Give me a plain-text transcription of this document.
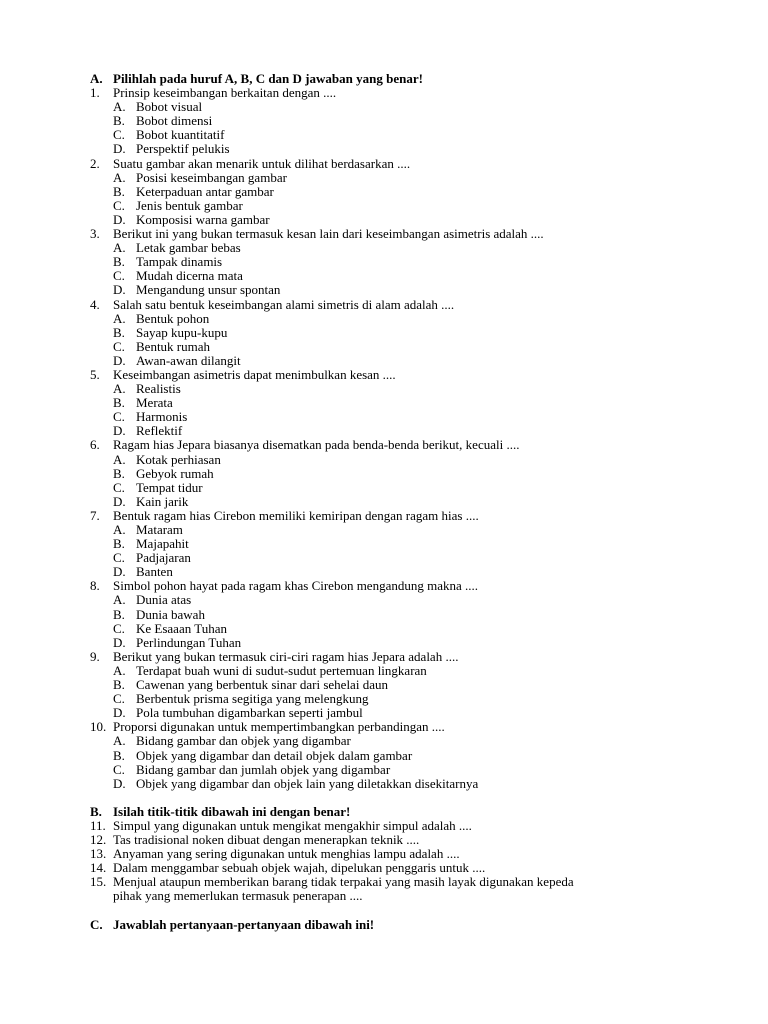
A. Pilihlah pada huruf A, B, C dan D jawaban yang benar!
1. Prinsip keseimbangan berkaitan dengan ....
A. Bobot visual
B. Bobot dimensi
C. Bobot kuantitatif
D. Perspektif pelukis
2. Suatu gambar akan menarik untuk dilihat berdasarkan ....
A. Posisi keseimbangan gambar
B. Keterpaduan antar gambar
C. Jenis bentuk gambar
D. Komposisi warna gambar
3. Berikut ini yang bukan termasuk kesan lain dari keseimbangan asimetris adalah ....
A. Letak gambar bebas
B. Tampak dinamis
C. Mudah dicerna mata
D. Mengandung unsur spontan
4. Salah satu bentuk keseimbangan alami simetris di alam adalah ....
A. Bentuk pohon
B. Sayap kupu-kupu
C. Bentuk rumah
D. Awan-awan dilangit
5. Keseimbangan asimetris dapat menimbulkan kesan ....
A. Realistis
B. Merata
C. Harmonis
D. Reflektif
6. Ragam hias Jepara biasanya disematkan pada benda-benda berikut, kecuali ....
A. Kotak perhiasan
B. Gebyok rumah
C. Tempat tidur
D. Kain jarik
7. Bentuk ragam hias Cirebon memiliki kemiripan dengan ragam hias ....
A. Mataram
B. Majapahit
C. Padjajaran
D. Banten
8. Simbol pohon hayat pada ragam khas Cirebon mengandung makna ....
A. Dunia atas
B. Dunia bawah
C. Ke Esaaan Tuhan
D. Perlindungan Tuhan
9. Berikut yang bukan termasuk ciri-ciri ragam hias Jepara adalah ....
A. Terdapat buah wuni di sudut-sudut pertemuan lingkaran
B. Cawenan yang berbentuk sinar dari sehelai daun
C. Berbentuk prisma segitiga yang melengkung
D. Pola tumbuhan digambarkan seperti jambul
10. Proporsi digunakan untuk mempertimbangkan perbandingan ....
A. Bidang gambar dan objek yang digambar
B. Objek yang digambar dan detail objek dalam gambar
C. Bidang gambar dan jumlah objek yang digambar
D. Objek yang digambar dan objek lain yang diletakkan disekitarnya
B. Isilah titik-titik dibawah ini dengan benar!
11. Simpul yang digunakan untuk mengikat mengakhir simpul adalah ....
12. Tas tradisional noken dibuat dengan menerapkan teknik ....
13. Anyaman yang sering digunakan untuk menghias lampu adalah ....
14. Dalam menggambar sebuah objek wajah, dipelukan penggaris untuk ....
15. Menjual ataupun memberikan barang tidak terpakai yang masih layak digunakan kepeda
pihak yang memerlukan termasuk penerapan ....
C. Jawablah pertanyaan-pertanyaan dibawah ini!
